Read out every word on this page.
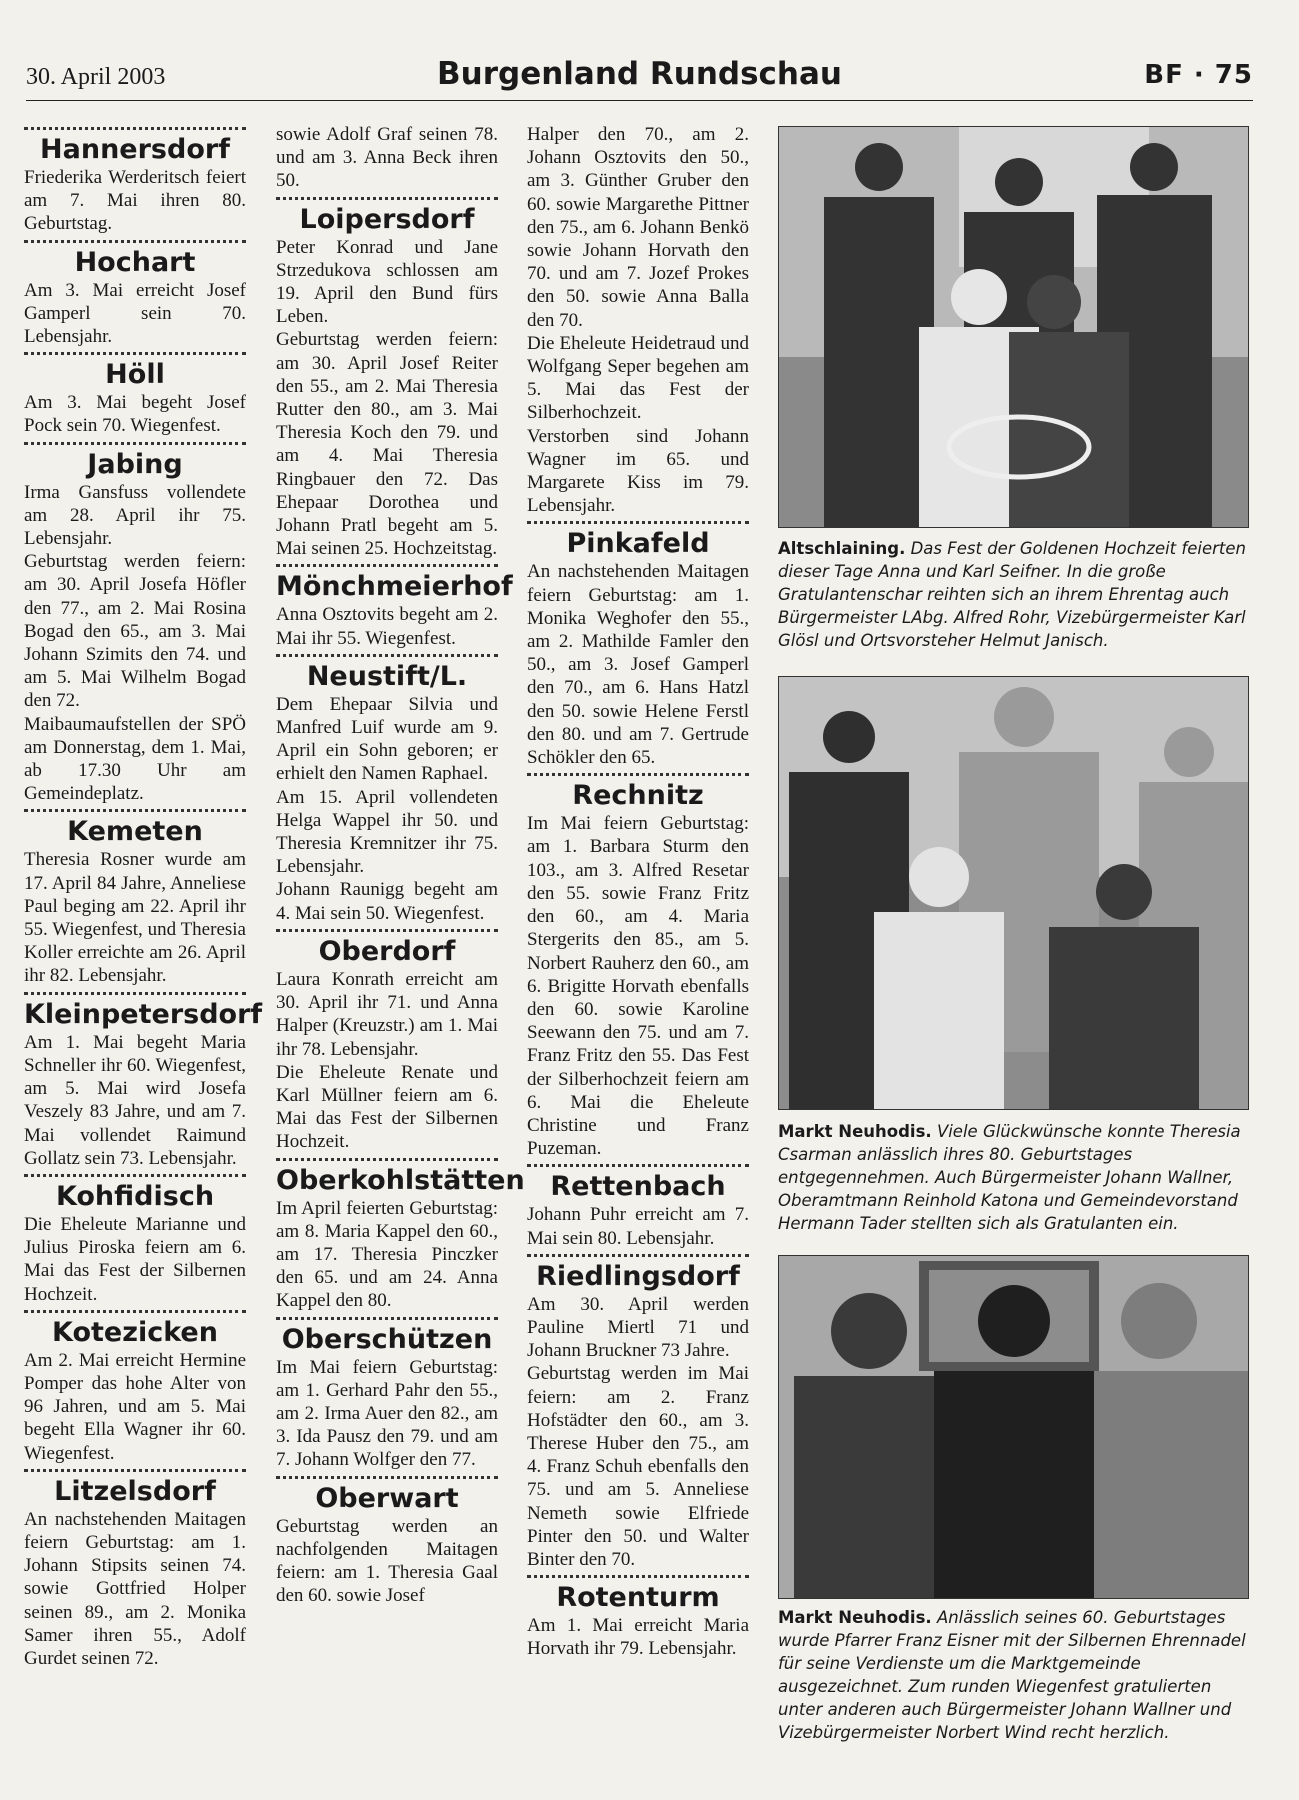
30. April 2003	Burgenland Rundschau	BF · 75
Hannersdorf

Friederika Werderitsch feiert am 7. Mai ihren 80. Geburtstag.

Hochart

Am 3. Mai erreicht Josef Gamperl sein 70. Lebensjahr.

Höll

Am 3. Mai begeht Josef Pock sein 70. Wiegenfest.

Jabing

Irma Gansfuss vollendete am 28. April ihr 75. Lebensjahr.

Geburtstag werden feiern: am 30. April Josefa Höfler den 77., am 2. Mai Rosina Bogad den 65., am 3. Mai Johann Szimits den 74. und am 5. Mai Wilhelm Bogad den 72.

Maibaumaufstellen der SPÖ am Donnerstag, dem 1. Mai, ab 17.30 Uhr am Gemeindeplatz.

Kemeten

Theresia Rosner wurde am 17. April 84 Jahre, Anneliese Paul beging am 22. April ihr 55. Wiegenfest, und Theresia Koller erreichte am 26. April ihr 82. Lebensjahr.

Kleinpetersdorf

Am 1. Mai begeht Maria Schneller ihr 60. Wiegenfest, am 5. Mai wird Josefa Veszely 83 Jahre, und am 7. Mai vollendet Raimund Gollatz sein 73. Lebensjahr.

Kohfidisch

Die Eheleute Marianne und Julius Piroska feiern am 6. Mai das Fest der Silbernen Hochzeit.

Kotezicken

Am 2. Mai erreicht Hermine Pomper das hohe Alter von 96 Jahren, und am 5. Mai begeht Ella Wagner ihr 60. Wiegenfest.

Litzelsdorf

An nachstehenden Maitagen feiern Geburtstag: am 1. Johann Stipsits seinen 74. sowie Gottfried Holper seinen 89., am 2. Monika Samer ihren 55., Adolf Gurdet seinen 72.

sowie Adolf Graf seinen 78. und am 3. Anna Beck ihren 50.

Loipersdorf

Peter Konrad und Jane Strzedukova schlossen am 19. April den Bund fürs Leben.

Geburtstag werden feiern: am 30. April Josef Reiter den 55., am 2. Mai Theresia Rutter den 80., am 3. Mai Theresia Koch den 79. und am 4. Mai Theresia Ringbauer den 72. Das Ehepaar Dorothea und Johann Pratl begeht am 5. Mai seinen 25. Hochzeitstag.

Mönchmeierhof

Anna Osztovits begeht am 2. Mai ihr 55. Wiegenfest.

Neustift/L.

Dem Ehepaar Silvia und Manfred Luif wurde am 9. April ein Sohn geboren; er erhielt den Namen Raphael.

Am 15. April vollendeten Helga Wappel ihr 50. und Theresia Kremnitzer ihr 75. Lebensjahr.

Johann Raunigg begeht am 4. Mai sein 50. Wiegenfest.

Oberdorf

Laura Konrath erreicht am 30. April ihr 71. und Anna Halper (Kreuzstr.) am 1. Mai ihr 78. Lebensjahr.

Die Eheleute Renate und Karl Müllner feiern am 6. Mai das Fest der Silbernen Hochzeit.

Oberkohlstätten

Im April feierten Geburtstag: am 8. Maria Kappel den 60., am 17. Theresia Pinczker den 65. und am 24. Anna Kappel den 80.

Oberschützen

Im Mai feiern Geburtstag: am 1. Gerhard Pahr den 55., am 2. Irma Auer den 82., am 3. Ida Pausz den 79. und am 7. Johann Wolfger den 77.

Oberwart

Geburtstag werden an nachfolgenden Maitagen feiern: am 1. Theresia Gaal den 60. sowie Josef

Halper den 70., am 2. Johann Osztovits den 50., am 3. Günther Gruber den 60. sowie Margarethe Pittner den 75., am 6. Johann Benkö sowie Johann Horvath den 70. und am 7. Jozef Prokes den 50. sowie Anna Balla den 70.

Die Eheleute Heidetraud und Wolfgang Seper begehen am 5. Mai das Fest der Silberhochzeit.

Verstorben sind Johann Wagner im 65. und Margarete Kiss im 79. Lebensjahr.

Pinkafeld

An nachstehenden Maitagen feiern Geburtstag: am 1. Monika Weghofer den 55., am 2. Mathilde Famler den 50., am 3. Josef Gamperl den 70., am 6. Hans Hatzl den 50. sowie Helene Ferstl den 80. und am 7. Gertrude Schökler den 65.

Rechnitz

Im Mai feiern Geburtstag: am 1. Barbara Sturm den 103., am 3. Alfred Resetar den 55. sowie Franz Fritz den 60., am 4. Maria Stergerits den 85., am 5. Norbert Rauherz den 60., am 6. Brigitte Horvath ebenfalls den 60. sowie Karoline Seewann den 75. und am 7. Franz Fritz den 55. Das Fest der Silberhochzeit feiern am 6. Mai die Eheleute Christine und Franz Puzeman.

Rettenbach

Johann Puhr erreicht am 7. Mai sein 80. Lebensjahr.

Riedlingsdorf

Am 30. April werden Pauline Miertl 71 und Johann Bruckner 73 Jahre.

Geburtstag werden im Mai feiern: am 2. Franz Hofstädter den 60., am 3. Therese Huber den 75., am 4. Franz Schuh ebenfalls den 75. und am 5. Anneliese Nemeth sowie Elfriede Pinter den 50. und Walter Binter den 70.

Rotenturm

Am 1. Mai erreicht Maria Horvath ihr 79. Lebensjahr.

Altschlaining. Das Fest der Goldenen Hochzeit feierten dieser Tage Anna und Karl Seifner. In die große Gratulantenschar reihten sich an ihrem Ehrentag auch Bürgermeister LAbg. Alfred Rohr, Vizebürgermeister Karl Glösl und Ortsvorsteher Helmut Janisch.
Markt Neuhodis. Viele Glückwünsche konnte Theresia Csarman anlässlich ihres 80. Geburtstages entgegennehmen. Auch Bürgermeister Johann Wallner, Oberamtmann Reinhold Katona und Gemeindevorstand Hermann Tader stellten sich als Gratulanten ein.
Markt Neuhodis. Anlässlich seines 60. Geburtstages wurde Pfarrer Franz Eisner mit der Silbernen Ehrennadel für seine Verdienste um die Marktgemeinde ausgezeichnet. Zum runden Wiegenfest gratulierten unter anderen auch Bürgermeister Johann Wallner und Vizebürgermeister Norbert Wind recht herzlich.
